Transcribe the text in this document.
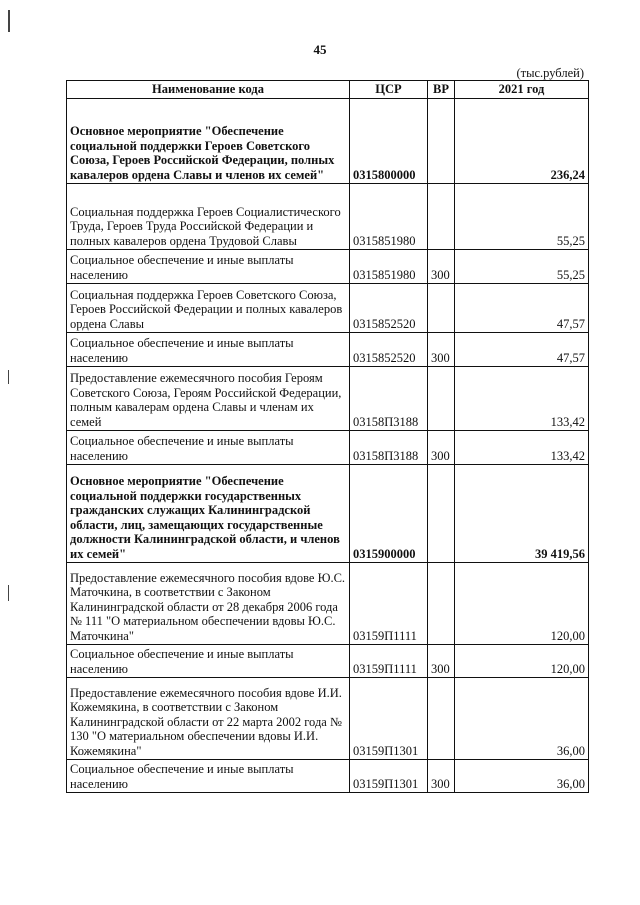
45
(тыс.рублей)
Наименование кода	ЦСР	ВР	2021 год
Основное мероприятие "Обеспечение социальной поддержки Героев Советского Союза, Героев Российской Федерации, полных кавалеров ордена Славы и членов их семей"	0315800000		236,24
Социальная поддержка Героев Социалистического Труда, Героев Труда Российской Федерации и полных кавалеров ордена Трудовой Славы	0315851980		55,25
Социальное обеспечение и иные выплаты населению	0315851980	300	55,25
Социальная поддержка Героев Советского Союза, Героев Российской Федерации и полных кавалеров ордена Славы	0315852520		47,57
Социальное обеспечение и иные выплаты населению	0315852520	300	47,57
Предоставление ежемесячного пособия Героям Советского Союза, Героям Российской Федерации, полным кавалерам ордена Славы и членам их семей	03158П3188		133,42
Социальное обеспечение и иные выплаты населению	03158П3188	300	133,42
Основное мероприятие "Обеспечение социальной поддержки государственных гражданских служащих Калининградской области, лиц, замещающих государственные должности Калининградской области, и членов их семей"	0315900000		39 419,56
Предоставление ежемесячного пособия вдове Ю.С. Маточкина, в соответствии с Законом Калининградской области от 28 декабря 2006 года № 111 "О материальном обеспечении вдовы Ю.С. Маточкина"	03159П1111		120,00
Социальное обеспечение и иные выплаты населению	03159П1111	300	120,00
Предоставление ежемесячного пособия вдове И.И. Кожемякина, в соответствии с Законом Калининградской области от 22 марта 2002 года № 130 "О материальном обеспечении вдовы И.И. Кожемякина"	03159П1301		36,00
Социальное обеспечение и иные выплаты населению	03159П1301	300	36,00
